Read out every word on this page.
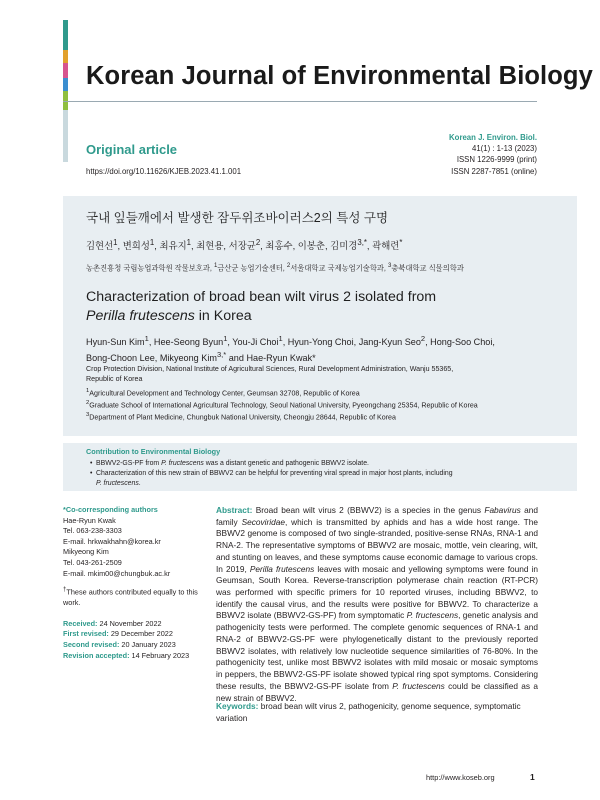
Korean Journal of Environmental Biology
Original article
https://doi.org/10.11626/KJEB.2023.41.1.001
Korean J. Environ. Biol.
41(1) : 1-13 (2023)
ISSN 1226-9999 (print)
ISSN 2287-7851 (online)
국내 잎들깨에서 발생한 잠두위조바이러스2의 특성 구명
김현선$^1$, 변희성$^1$, 최유지$^1$, 최현용, 서장균$^2$, 최홍수, 이봉춘, 김미경$^{3,*}$, 곽해련*
농촌진흥청 국립농업과학원 작물보호과, $^1$금산군 농업기술센터, $^2$서울대학교 국제농업기술학과, $^3$충북대학교 식물의학과
Characterization of broad bean wilt virus 2 isolated from
Perilla frutescens in Korea
Hyun-Sun Kim$^1$, Hee-Seong Byun$^1$, You-Ji Choi$^1$, Hyun-Yong Choi, Jang-Kyun Seo$^2$, Hong-Soo Choi,
Bong-Choon Lee, Mikyeong Kim$^{3,*}$ and Hae-Ryun Kwak*
Crop Protection Division, National Institute of Agricultural Sciences, Rural Development Administration, Wanju 55365,
Republic of Korea
$^1$Agricultural Development and Technology Center, Geumsan 32708, Republic of Korea
$^2$Graduate School of International Agricultural Technology, Seoul National University, Pyeongchang 25354, Republic of Korea
$^3$Department of Plant Medicine, Chungbuk National University, Cheongju 28644, Republic of Korea
Contribution to Environmental Biology
• BBWV2-GS-PF from P. fructescens was a distant genetic and pathogenic BBWV2 isolate.
• Characterization of this new strain of BBWV2 can be helpful for preventing viral spread in major host plants, including
P. fructescens.
*Co-corresponding authors
Hae-Ryun Kwak
Tel. 063-238-3303
E-mail. hrkwakhahn@korea.kr
Mikyeong Kim
Tel. 043-261-2509
E-mail. mkim00@chungbuk.ac.kr
†These authors contributed equally to this work.
Received: 24 November 2022
First revised: 29 December 2022
Second revised: 20 January 2023
Revision accepted: 14 February 2023
Abstract: Broad bean wilt virus 2 (BBWV2) is a species in the genus Fabavirus and family Secoviridae, which is transmitted by aphids and has a wide host range. The BBWV2 genome is composed of two single-stranded, positive-sense RNAs, RNA-1 and RNA-2. The representative symptoms of BBWV2 are mosaic, mottle, vein clearing, wilt, and stunting on leaves, and these symptoms cause economic damage to various crops. In 2019, Perilla frutescens leaves with mosaic and yellowing symptoms were found in Geumsan, South Korea. Reverse-transcription polymerase chain reaction (RT-PCR) was performed with specific primers for 10 reported viruses, including BBWV2, to identify the causal virus, and the results were positive for BBWV2. To characterize a BBWV2 isolate (BBWV2-GS-PF) from symptomatic P. fructescens, genetic analysis and pathogenicity tests were performed. The complete genomic sequences of RNA-1 and RNA-2 of BBWV2-GS-PF were phylogenetically distant to the previously reported BBWV2 isolates, with relatively low nucleotide sequence similarities of 76-80%. In the pathogenicity test, unlike most BBWV2 isolates with mild mosaic or mosaic symptoms in peppers, the BBWV2-GS-PF isolate showed typical ring spot symptoms. Considering these results, the BBWV2-GS-PF isolate from P. fructescens could be classified as a new strain of BBWV2.
Keywords: broad bean wilt virus 2, pathogenicity, genome sequence, symptomatic variation
http://www.koseb.org	1
